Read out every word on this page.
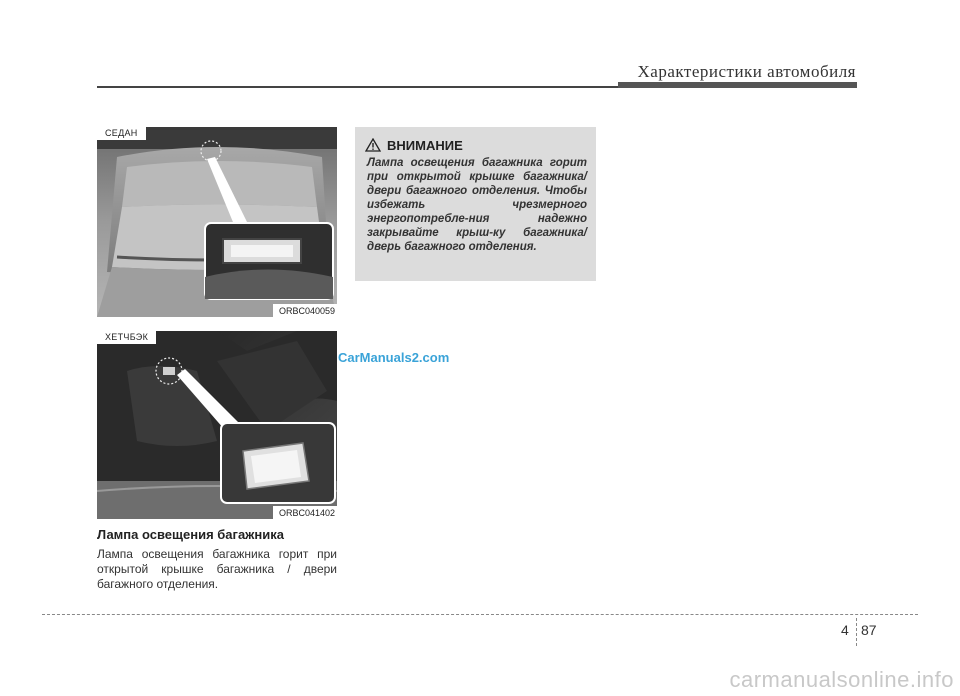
Характеристики автомобиля
СЕДАН
ORBC040059
ХЕТЧБЭК
ORBC041402
Лампа освещения багажника
Лампа освещения багажника горит при открытой крышке багажника / двери багажного отделения.
ВНИМАНИЕ
Лампа освещения багажника горит при открытой крышке багажника/двери багажного отделения. Чтобы избежать чрезмерного энергопотребле-ния надежно закрывайте крыш-ку багажника/дверь багажного отделения.
CarManuals2.com
4 87
carmanualsonline.info
